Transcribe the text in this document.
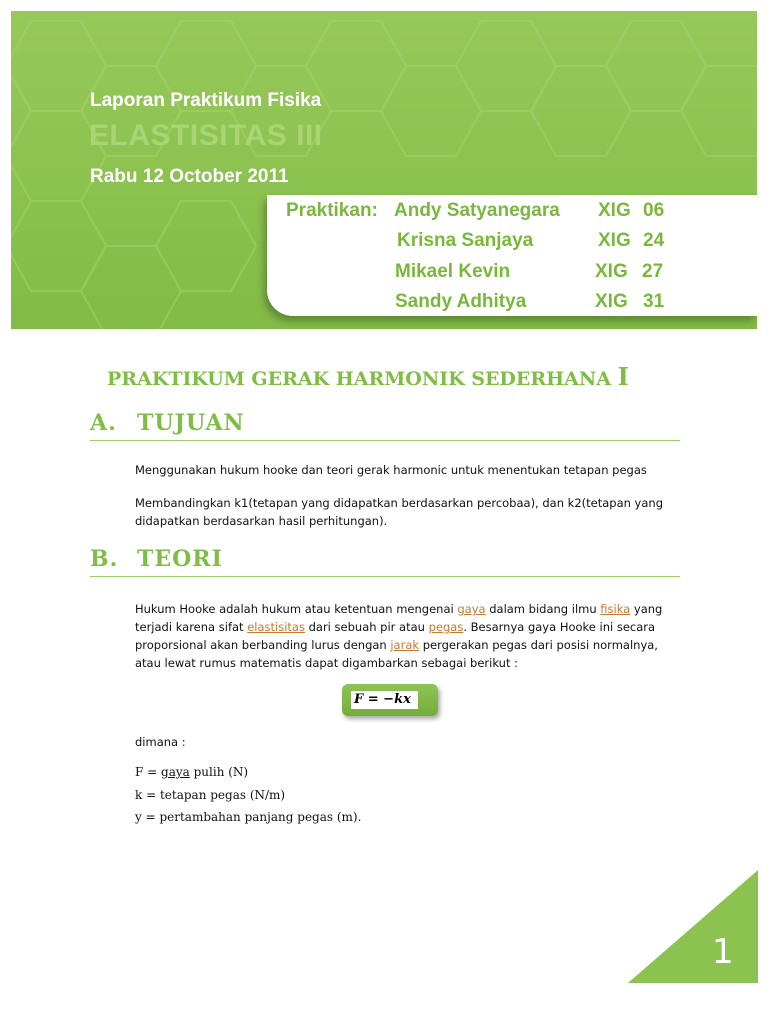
Laporan Praktikum Fisika
ELASTISITAS III
Rabu 12 October 2011
Praktikan: Andy Satyanegara XIG 06
Krisna Sanjaya	XIG 24
Mikael Kevin	XIG 27
Sandy Adhitya	XIG 31
PRAKTIKUM GERAK HARMONIK SEDERHANA I
A. TUJUAN
Menggunakan hukum hooke dan teori gerak harmonic untuk menentukan tetapan pegas
Membandingkan k1(tetapan yang didapatkan berdasarkan percobaa), dan k2(tetapan yang didapatkan berdasarkan hasil perhitungan).
B. TEORI
Hukum Hooke adalah hukum atau ketentuan mengenai gaya dalam bidang ilmu fisika yang terjadi karena sifat elastisitas dari sebuah pir atau pegas. Besarnya gaya Hooke ini secara proporsional akan berbanding lurus dengan jarak pergerakan pegas dari posisi normalnya, atau lewat rumus matematis dapat digambarkan sebagai berikut :
F = −kx
dimana :
F = gaya pulih (N)
k = tetapan pegas (N/m)
y = pertambahan panjang pegas (m).
1
